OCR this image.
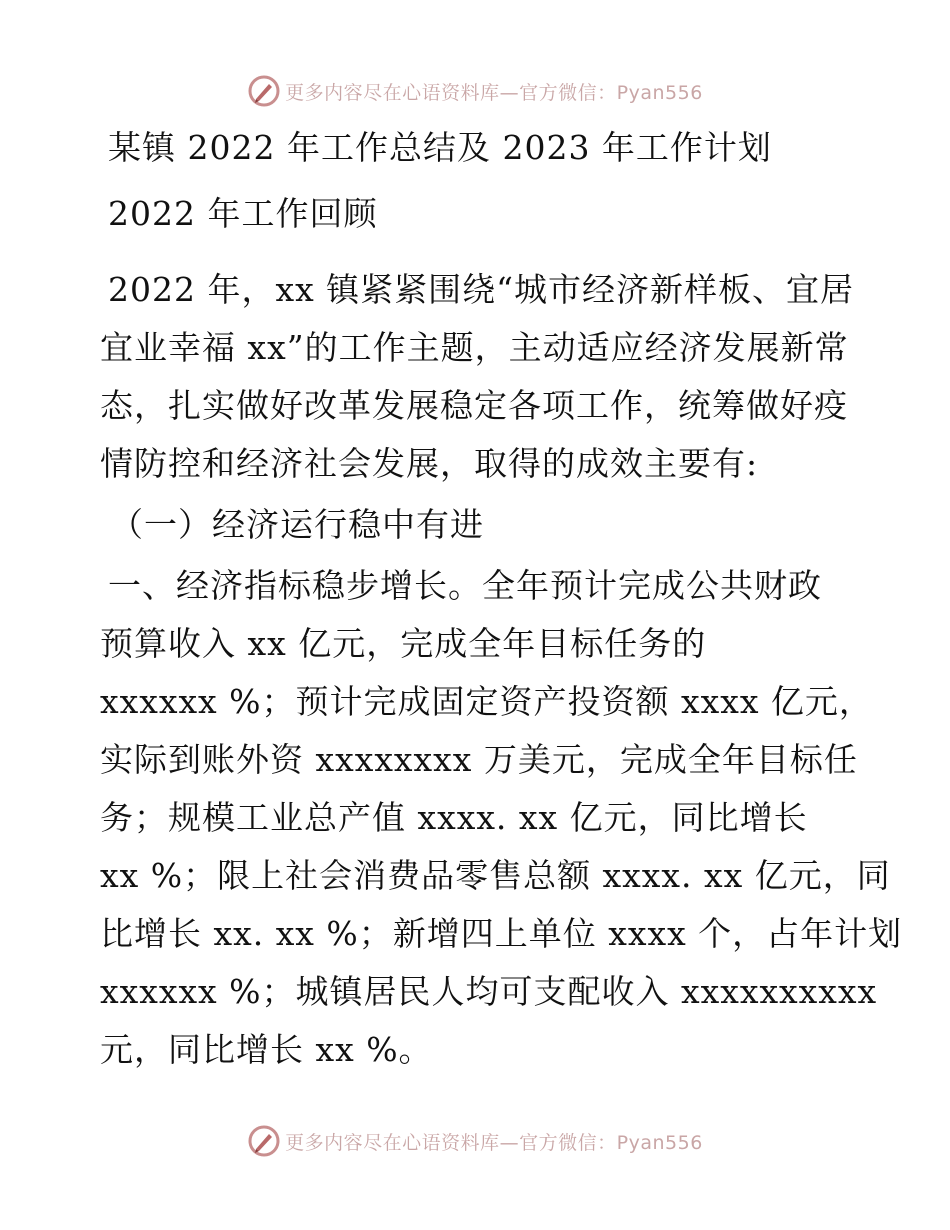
更多内容尽在心语资料库—官方微信：Pyan556
某镇 2022 年工作总结及 2023 年工作计划
2022 年工作回顾
2022 年，xx 镇紧紧围绕“城市经济新样板、宜居
宜业幸福 xx”的工作主题，主动适应经济发展新常
态，扎实做好改革发展稳定各项工作，统筹做好疫
情防控和经济社会发展，取得的成效主要有:
（一）经济运行稳中有进
一、经济指标稳步增长。全年预计完成公共财政
预算收入 xx 亿元，完成全年目标任务的
xxxxxx %；预计完成固定资产投资额 xxxx 亿元，
实际到账外资 xxxxxxxx 万美元，完成全年目标任
务；规模工业总产值 xxxx. xx 亿元，同比增长
xx %；限上社会消费品零售总额 xxxx. xx 亿元，同
比增长 xx. xx %；新增四上单位 xxxx 个，占年计划
xxxxxx %；城镇居民人均可支配收入 xxxxxxxxxx
元，同比增长 xx %。
更多内容尽在心语资料库—官方微信：Pyan556
